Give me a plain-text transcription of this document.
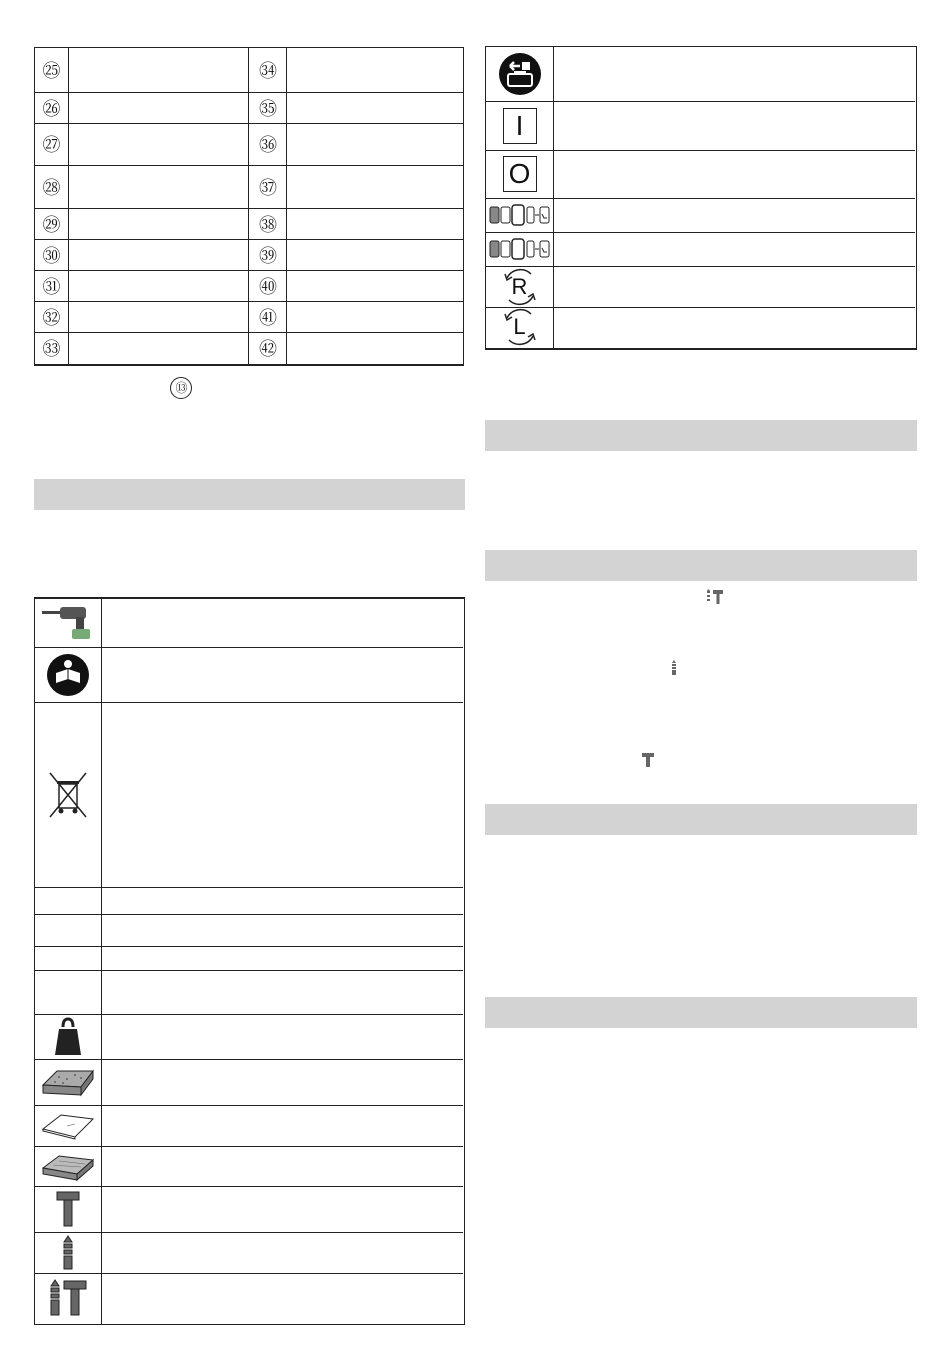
㉕	㉞
㉖	㉟
㉗	㊱
㉘	㊲
㉙	㊳
㉚	㊴
㉛	㊵
㉜	㊶
㉝	㊷
⑬
I
O
R
L
